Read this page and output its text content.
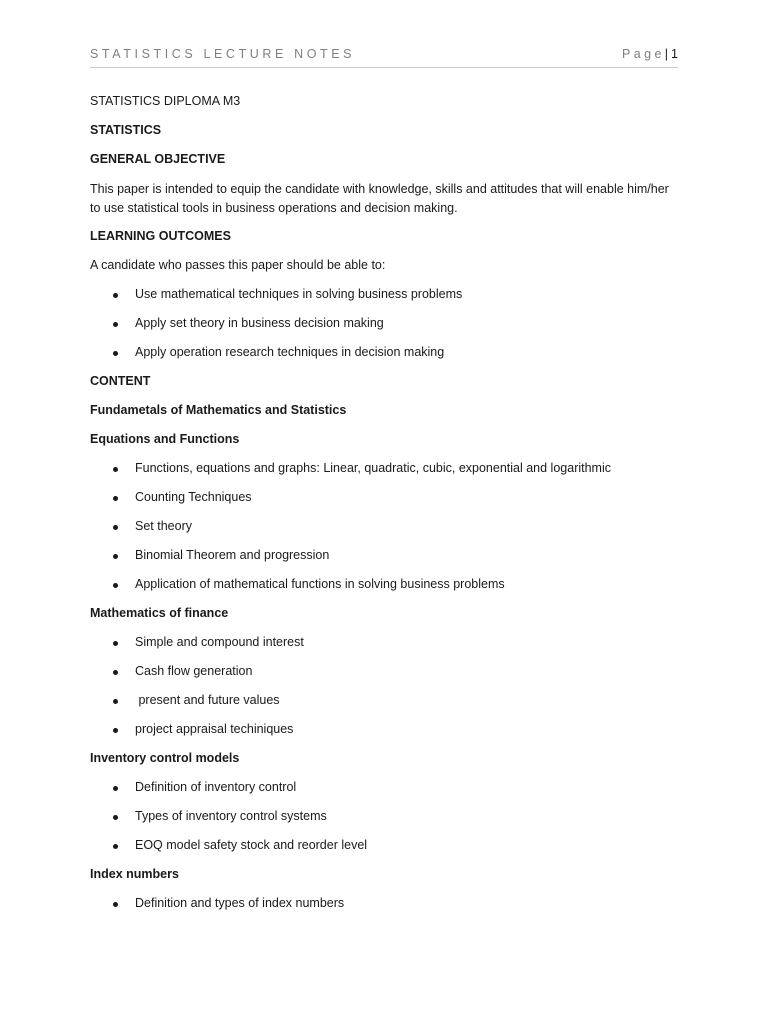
STATISTICS LECTURE NOTES	Page| 1

STATISTICS DIPLOMA M3

STATISTICS

GENERAL OBJECTIVE

This paper is intended to equip the candidate with knowledge, skills and attitudes that will enable him/her to use statistical tools in business operations and decision making.

LEARNING OUTCOMES

A candidate who passes this paper should be able to:

Use mathematical techniques in solving business problems
Apply set theory in business decision making
Apply operation research techniques in decision making

CONTENT

Fundametals of Mathematics and Statistics

Equations and Functions

Functions, equations and graphs: Linear, quadratic, cubic, exponential and logarithmic
Counting Techniques
Set theory
Binomial Theorem and progression
Application of mathematical functions in solving business problems

Mathematics of finance

Simple and compound interest
Cash flow generation
present and future values
project appraisal techiniques

Inventory control models

Definition of inventory control
Types of inventory control systems
EOQ model safety stock and reorder level

Index numbers

Definition and types of index numbers
